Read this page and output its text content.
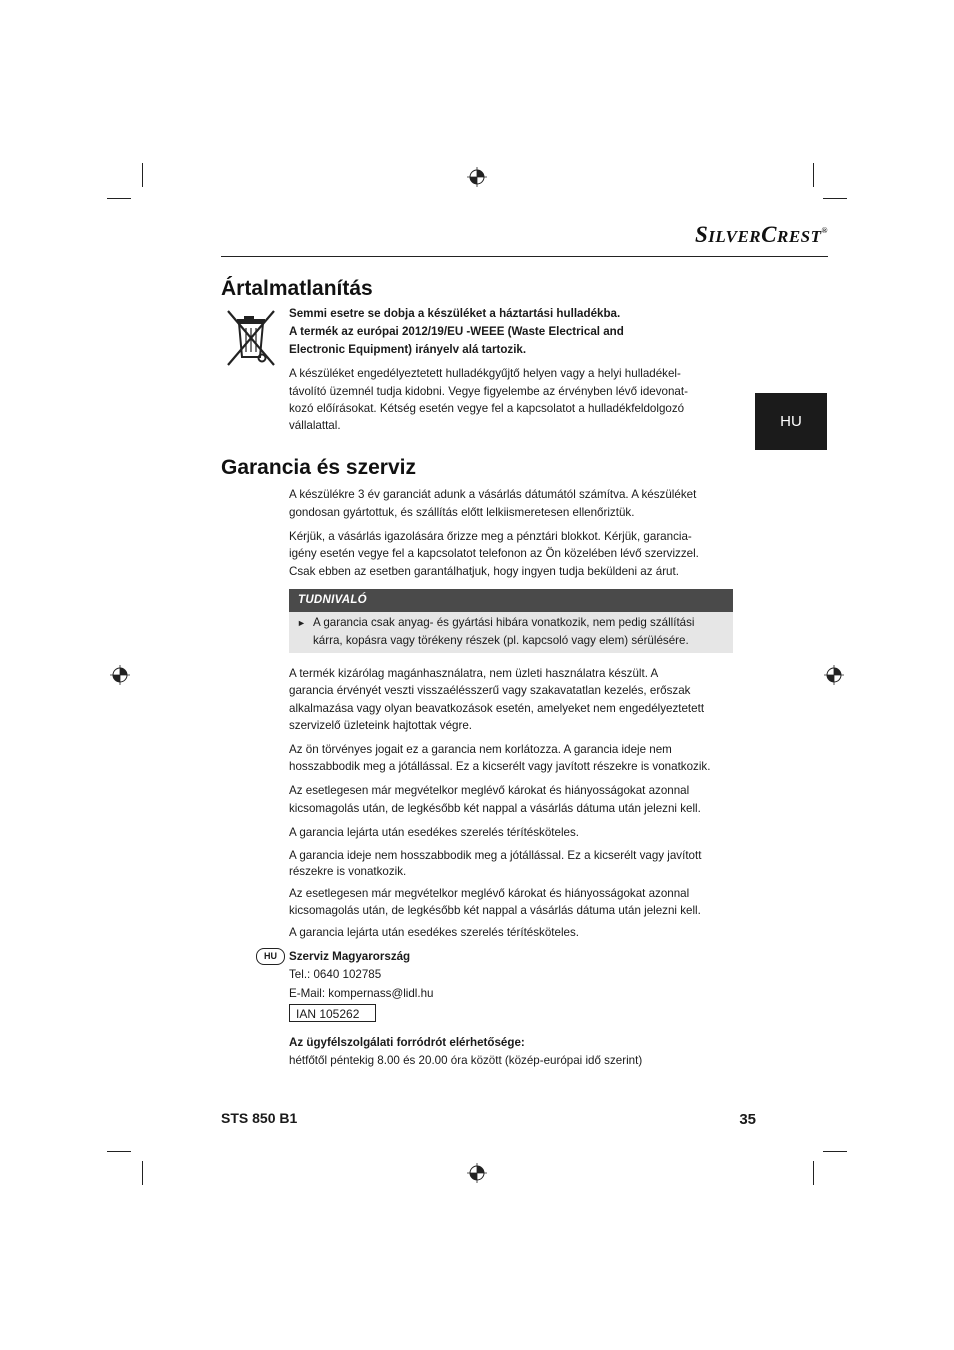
SILVERCREST®
HU
Ártalmatlanítás

Semmi esetre se dobja a készüléket a háztartási hulladékba.

A termék az európai 2012/19/EU -WEEE (Waste Electrical and

Electronic Equipment) irányelv alá tartozik.

A készüléket engedélyeztetett hulladékgyűjtő helyen vagy a helyi hulladékel-

távolító üzemnél tudja kidobni. Vegye figyelembe az érvényben lévő idevonat-

kozó előírásokat. Kétség esetén vegye fel a kapcsolatot a hulladékfeldolgozó

vállalattal.

Garancia és szerviz

A készülékre 3 év garanciát adunk a vásárlás dátumától számítva. A készüléket

gondosan gyártottuk, és szállítás előtt lelkiismeretesen ellenőriztük.

Kérjük, a vásárlás igazolására őrizze meg a pénztári blokkot. Kérjük, garancia-

igény esetén vegye fel a kapcsolatot telefonon az Ön közelében lévő szervizzel.

Csak ebben az esetben garantálhatjuk, hogy ingyen tudja beküldeni az árut.

TUDNIVALÓ
► A garancia csak anyag- és gyártási hibára vonatkozik, nem pedig szállítási

kárra, kopásra vagy törékeny részek (pl. kapcsoló vagy elem) sérülésére.

A termék kizárólag magánhasználatra, nem üzleti használatra készült. A

garancia érvényét veszti visszaélésszerű vagy szakavatatlan kezelés, erőszak

alkalmazása vagy olyan beavatkozások esetén, amelyeket nem engedélyeztetett

szervizelő üzleteink hajtottak végre.

Az ön törvényes jogait ez a garancia nem korlátozza. A garancia ideje nem

hosszabbodik meg a jótállással. Ez a kicserélt vagy javított részekre is vonatkozik.

Az esetlegesen már megvételkor meglévő károkat és hiányosságokat azonnal

kicsomagolás után, de legkésőbb két nappal a vásárlás dátuma után jelezni kell.

A garancia lejárta után esedékes szerelés térítésköteles.

A garancia ideje nem hosszabbodik meg a jótállással. Ez a kicserélt vagy javított

részekre is vonatkozik.

Az esetlegesen már megvételkor meglévő károkat és hiányosságokat azonnal

kicsomagolás után, de legkésőbb két nappal a vásárlás dátuma után jelezni kell.

A garancia lejárta után esedékes szerelés térítésköteles.

HU	Szerviz Magyarország

Tel.: 0640 102785

E-Mail: kompernass@lidl.hu

IAN 105262

Az ügyfélszolgálati forródrót elérhetősége:

hétfőtől péntekig 8.00 és 20.00 óra között (közép-európai idő szerint)

STS 850 B1	35
